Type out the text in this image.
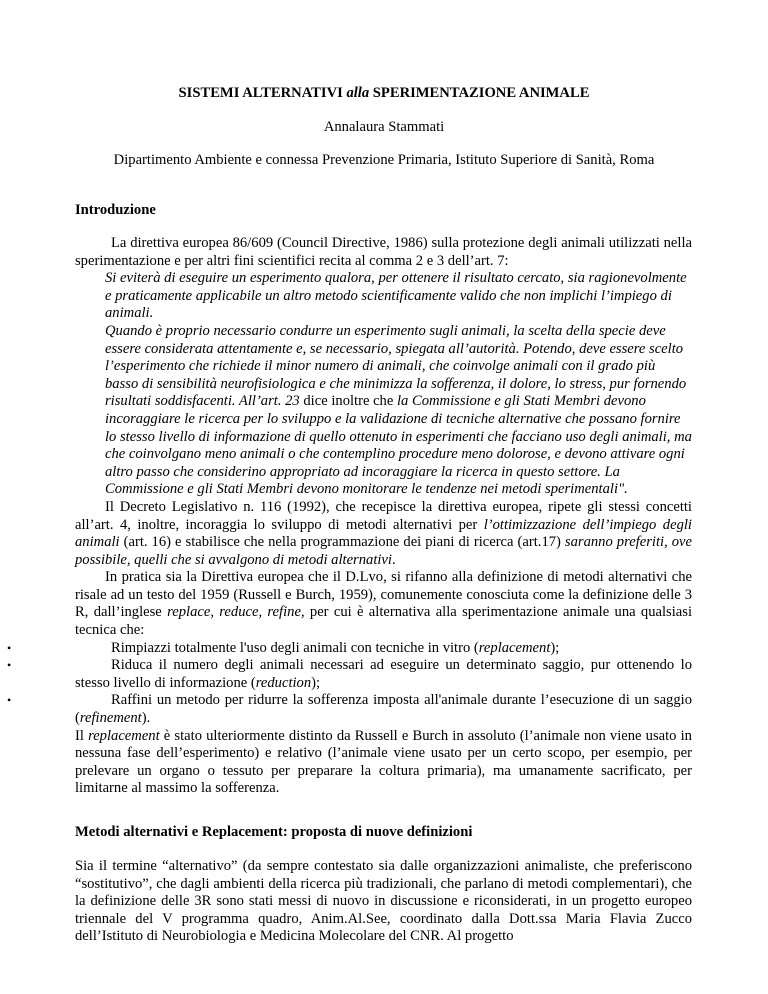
SISTEMI ALTERNATIVI alla SPERIMENTAZIONE ANIMALE
Annalaura Stammati
Dipartimento Ambiente e connessa Prevenzione Primaria, Istituto Superiore di Sanità, Roma
Introduzione

La direttiva europea 86/609 (Council Directive, 1986) sulla protezione degli animali utilizzati nella sperimentazione e per altri fini scientifici recita al comma 2 e 3 dell’art. 7:

Si eviterà di eseguire un esperimento qualora, per ottenere il risultato cercato, sia ragionevolmente e praticamente applicabile un altro metodo scientificamente valido che non implichi l’impiego di animali.

Quando è proprio necessario condurre un esperimento sugli animali, la scelta della specie deve essere considerata attentamente e, se necessario, spiegata all’autorità. Potendo, deve essere scelto l’esperimento che richiede il minor numero di animali, che coinvolge animali con il grado più basso di sensibilità neurofisiologica e che minimizza la sofferenza, il dolore, lo stress, pur fornendo risultati soddisfacenti. All’art. 23 dice inoltre che la Commissione e gli Stati Membri devono incoraggiare le ricerca per lo sviluppo e la validazione di tecniche alternative che possano fornire lo stesso livello di informazione di quello ottenuto in esperimenti che facciano uso degli animali, ma che coinvolgano meno animali o che contemplino procedure meno dolorose, e devono attivare ogni altro passo che considerino appropriato ad incoraggiare la ricerca in questo settore. La Commissione e gli Stati Membri devono monitorare le tendenze nei metodi sperimentali".

Il Decreto Legislativo n. 116 (1992), che recepisce la direttiva europea, ripete gli stessi concetti all’art. 4, inoltre, incoraggia lo sviluppo di metodi alternativi per l’ottimizzazione dell’impiego degli animali (art. 16) e stabilisce che nella programmazione dei piani di ricerca (art.17) saranno preferiti, ove possibile, quelli che si avvalgono di metodi alternativi.

In pratica sia la Direttiva europea che il D.Lvo, si rifanno alla definizione di metodi alternativi che risale ad un testo del 1959 (Russell e Burch, 1959), comunemente conosciuta come la definizione delle 3 R, dall’inglese replace, reduce, refine, per cui è alternativa alla sperimentazione animale una qualsiasi tecnica che:

•	Rimpiazzi totalmente l'uso degli animali con tecniche in vitro (replacement);

•	Riduca il numero degli animali necessari ad eseguire un determinato saggio, pur ottenendo lo stesso livello di informazione (reduction);

•	Raffini un metodo per ridurre la sofferenza imposta all'animale durante l’esecuzione di un saggio (refinement).

Il replacement è stato ulteriormente distinto da Russell e Burch in assoluto (l’animale non viene usato in nessuna fase dell’esperimento) e relativo (l’animale viene usato per un certo scopo, per esempio, per prelevare un organo o tessuto per preparare la coltura primaria), ma umanamente sacrificato, per limitarne al massimo la sofferenza.

Metodi alternativi e Replacement: proposta di nuove definizioni

Sia il termine “alternativo” (da sempre contestato sia dalle organizzazioni animaliste, che preferiscono “sostitutivo”, che dagli ambienti della ricerca più tradizionali, che parlano di metodi complementari), che la definizione delle 3R sono stati messi di nuovo in discussione e riconsiderati, in un progetto europeo triennale del V programma quadro, Anim.Al.See, coordinato dalla Dott.ssa Maria Flavia Zucco dell’Istituto di Neurobiologia e Medicina Molecolare del CNR. Al progetto
